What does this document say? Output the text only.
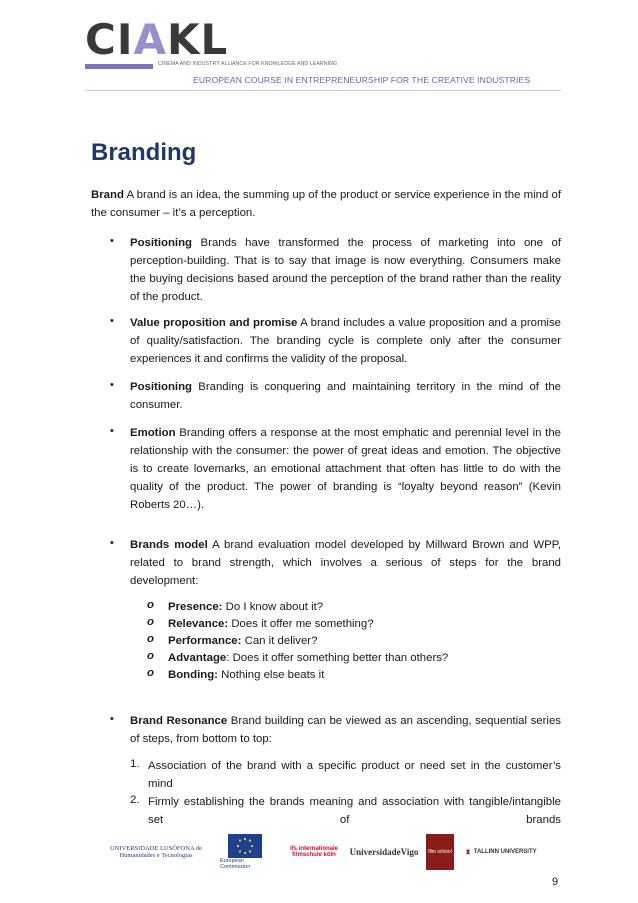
CIAKL
CINEMA AND INDUSTRY ALLIANCE FOR KNOWLEDGE AND LEARNING
EUROPEAN COURSE IN ENTREPRENEURSHIP FOR THE CREATIVE INDUSTRIES
Branding

Brand A brand is an idea, the summing up of the product or service experience in the mind of the consumer – it’s a perception.

• Positioning Brands have transformed the process of marketing into one of perception-building. That is to say that image is now everything. Consumers make the buying decisions based around the perception of the brand rather than the reality of the product.

• Value proposition and promise A brand includes a value proposition and a promise of quality/satisfaction. The branding cycle is complete only after the consumer experiences it and confirms the validity of the proposal.

• Positioning Branding is conquering and maintaining territory in the mind of the consumer.

• Emotion Branding offers a response at the most emphatic and perennial level in the relationship with the consumer: the power of great ideas and emotion. The objective is to create lovemarks, an emotional attachment that often has little to do with the quality of the product. The power of branding is “loyalty beyond reason” (Kevin Roberts 20…).

• Brands model A brand evaluation model developed by Millward Brown and WPP, related to brand strength, which involves a serious of steps for the brand development:

o Presence: Do I know about it?
o Relevance: Does it offer me something?
o Performance: Can it deliver?
o Advantage: Does it offer something better than others?
o Bonding: Nothing else beats it
• Brand Resonance Brand building can be viewed as an ascending, sequential series of steps, from bottom to top:

1. Association of the brand with a specific product or need set in the customer’s mind

2. Firmly establishing the brands meaning and association with tangible/intangible set of brands

UNIVERSIDADE LUSÓFONA de Humanidades e Tecnologias
European Commission
ifs internationale filmschule köln	UniversidadeVigo film school ♜ TALLINN UNIVERSITY
9
